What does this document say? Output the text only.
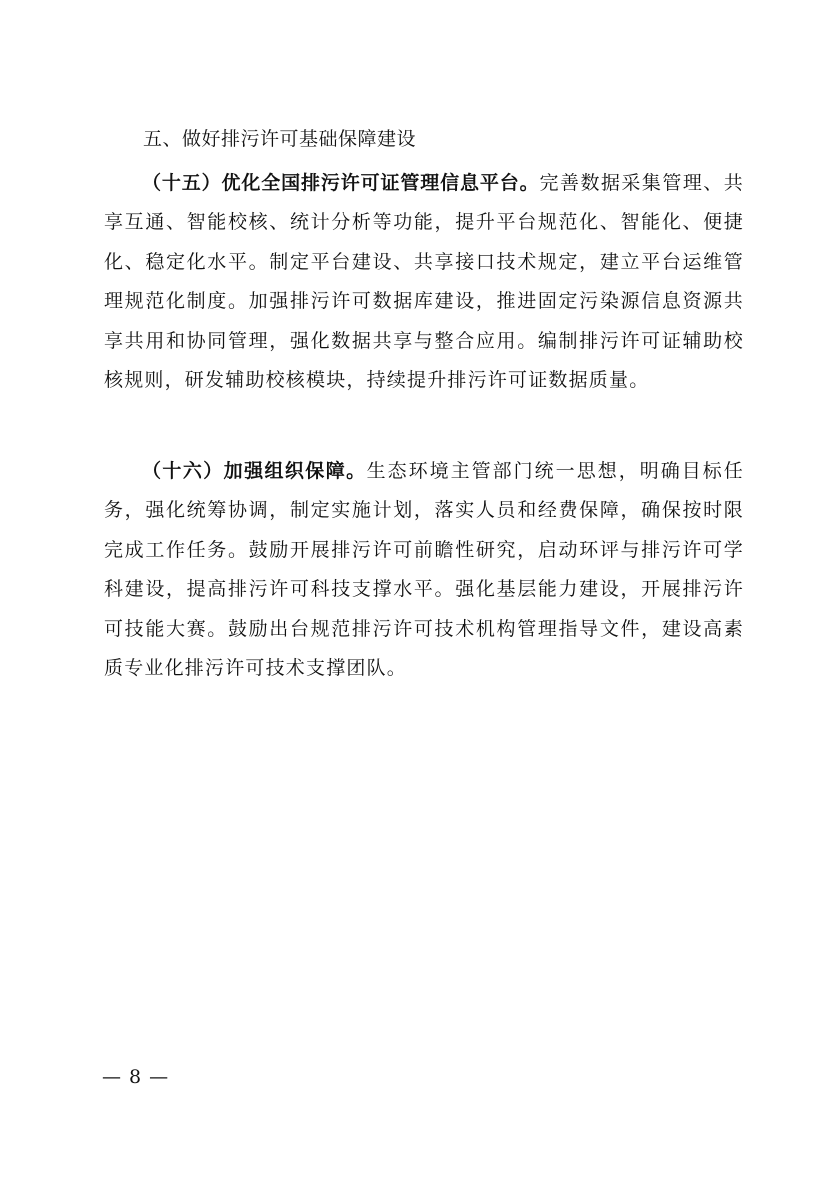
五、做好排污许可基础保障建设

（十五）优化全国排污许可证管理信息平台。完善数据采集管理、共享互通、智能校核、统计分析等功能，提升平台规范化、智能化、便捷化、稳定化水平。制定平台建设、共享接口技术规定，建立平台运维管理规范化制度。加强排污许可数据库建设，推进固定污染源信息资源共享共用和协同管理，强化数据共享与整合应用。编制排污许可证辅助校核规则，研发辅助校核模块，持续提升排污许可证数据质量。

（十六）加强组织保障。生态环境主管部门统一思想，明确目标任务，强化统筹协调，制定实施计划，落实人员和经费保障，确保按时限完成工作任务。鼓励开展排污许可前瞻性研究，启动环评与排污许可学科建设，提高排污许可科技支撑水平。强化基层能力建设，开展排污许可技能大赛。鼓励出台规范排污许可技术机构管理指导文件，建设高素质专业化排污许可技术支撑团队。

— 8 —
